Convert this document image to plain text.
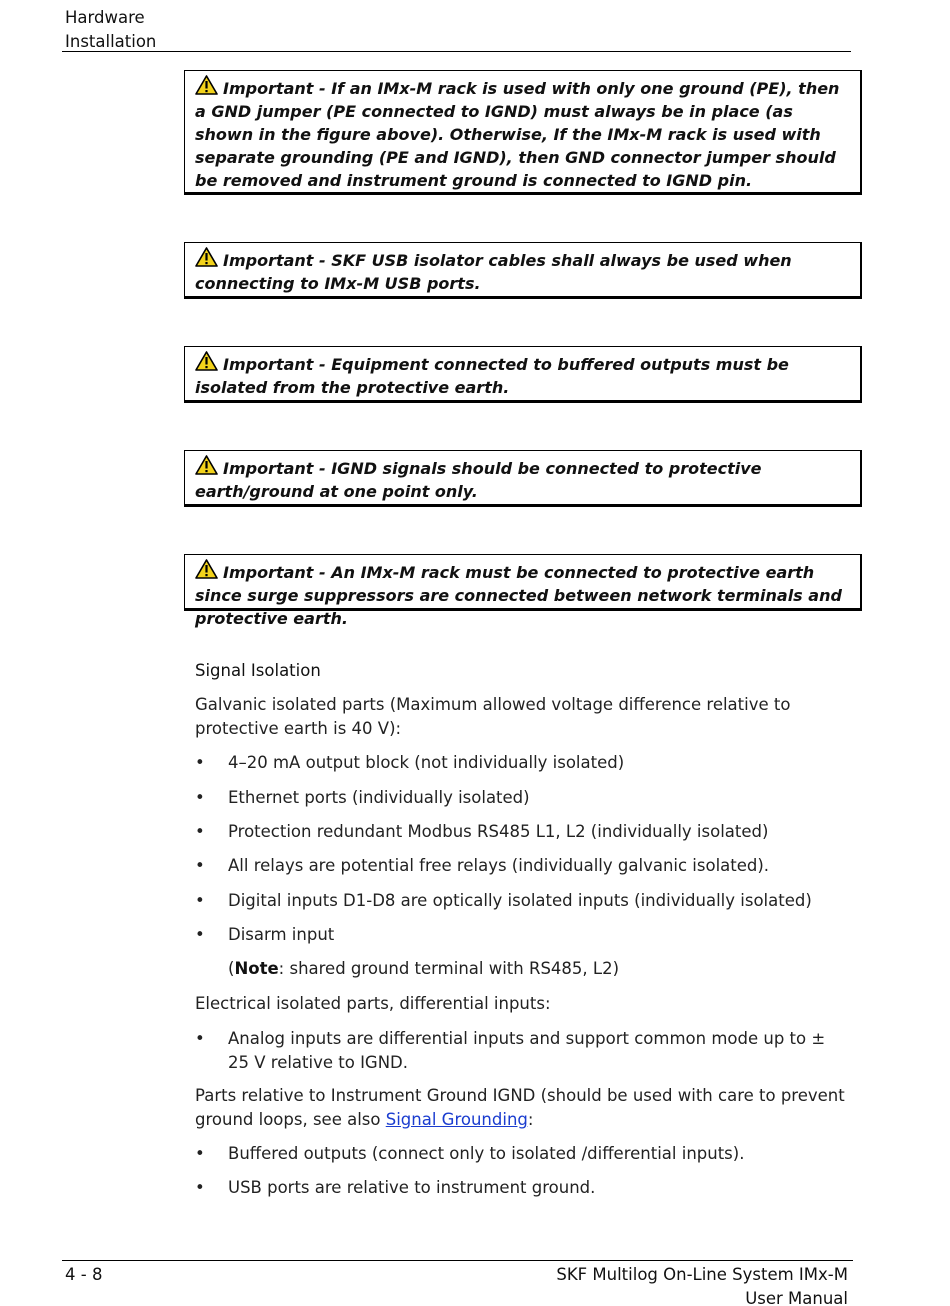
Hardware
Installation
Important - If an IMx-M rack is used with only one ground (PE), then a GND jumper (PE connected to IGND) must always be in place (as shown in the figure above). Otherwise, If the IMx-M rack is used with separate grounding (PE and IGND), then GND connector jumper should be removed and instrument ground is connected to IGND pin.
Important - SKF USB isolator cables shall always be used when connecting to IMx-M USB ports.
Important - Equipment connected to buffered outputs must be isolated from the protective earth.
Important - IGND signals should be connected to protective earth/ground at one point only.
Important - An IMx-M rack must be connected to protective earth since surge suppressors are connected between network terminals and protective earth.
Signal Isolation
Galvanic isolated parts (Maximum allowed voltage difference relative to protective earth is 40 V):
•	4–20 mA output block (not individually isolated)
•	Ethernet ports (individually isolated)
•	Protection redundant Modbus RS485 L1, L2 (individually isolated)
•	All relays are potential free relays (individually galvanic isolated).
•	Digital inputs D1-D8 are optically isolated inputs (individually isolated)
•	Disarm input
(Note: shared ground terminal with RS485, L2)
Electrical isolated parts, differential inputs:
•	Analog inputs are differential inputs and support common mode up to ± 25 V relative to IGND.
Parts relative to Instrument Ground IGND (should be used with care to prevent ground loops, see also Signal Grounding:
•	Buffered outputs (connect only to isolated /differential inputs).
•	USB ports are relative to instrument ground.
4 - 8	SKF Multilog On-Line System IMx-M
User Manual
